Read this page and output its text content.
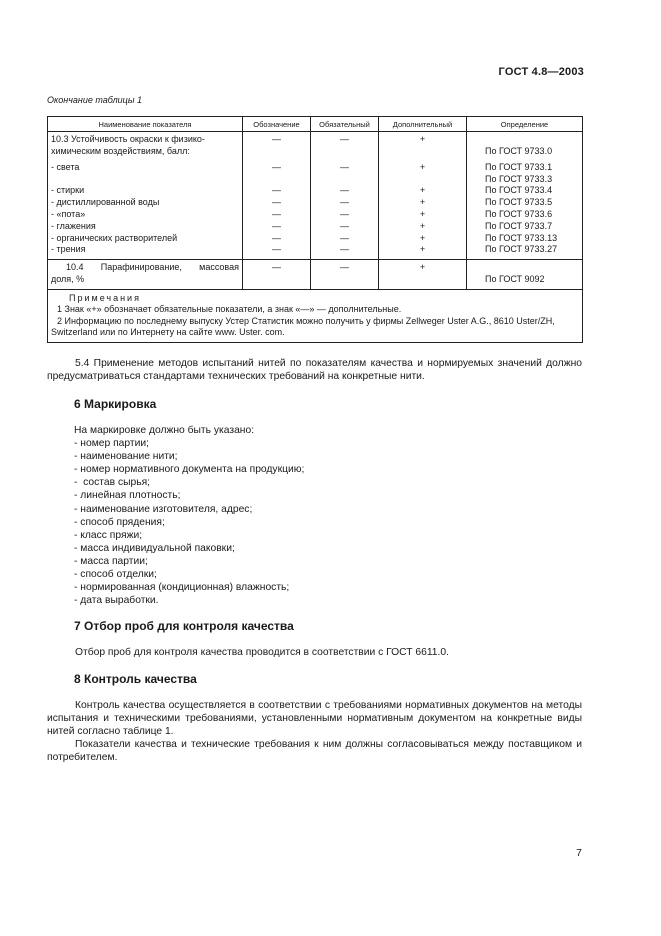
ГОСТ 4.8—2003
Окончание таблицы 1
Наименование показателя	Обозначение	Обязательный	Дополнительный	Определение
10.3 Устойчивость окраски к физико-
химическим воздействиям, балл:	—	—	+	По ГОСТ 9733.0
- света	—	—	+	По ГОСТ 9733.1
				По ГОСТ 9733.3
- стирки	—	—	+	По ГОСТ 9733.4
- дистиллированной воды	—	—	+	По ГОСТ 9733.5
- «пота»	—	—	+	По ГОСТ 9733.6
- глажения	—	—	+	По ГОСТ 9733.7
- органических растворителей	—	—	+	По ГОСТ 9733.13
- трения	—	—	+	По ГОСТ 9733.27

10.4 Парафинирование, массовая
доля, %	—	—	+	По ГОСТ 9092

Примечания
1 Знак «+» обозначает обязательные показатели, а знак «—» — дополнительные.
2 Информацию по последнему выпуску Устер Статистик можно получить у фирмы Zellweger Uster A.G., 8610 Uster/ZH, Switzerland или по Интернету на сайте www. Uster. com.				

5.4 Применение методов испытаний нитей по показателям качества и нормируемых значений должно предусматриваться стандартами технических требований на конкретные нити.

6 Маркировка
На маркировке должно быть указано:
- номер партии;
- наименование нити;
- номер нормативного документа на продукцию;
-  состав сырья;
- линейная плотность;
- наименование изготовителя, адрес;
- способ прядения;
- класс пряжи;
- масса индивидуальной паковки;
- масса партии;
- способ отделки;
- нормированная (кондиционная) влажность;
- дата выработки.
7 Отбор проб для контроля качества

Отбор проб для контроля качества проводится в соответствии с ГОСТ 6611.0.

8 Контроль качества

Контроль качества осуществляется в соответствии с требованиями нормативных документов на методы испытания и техническими требованиями, установленными нормативным документом на конкретные виды нитей согласно таблице 1.

Показатели качества и технические требования к ним должны согласовываться между поставщиком и потребителем.

7
